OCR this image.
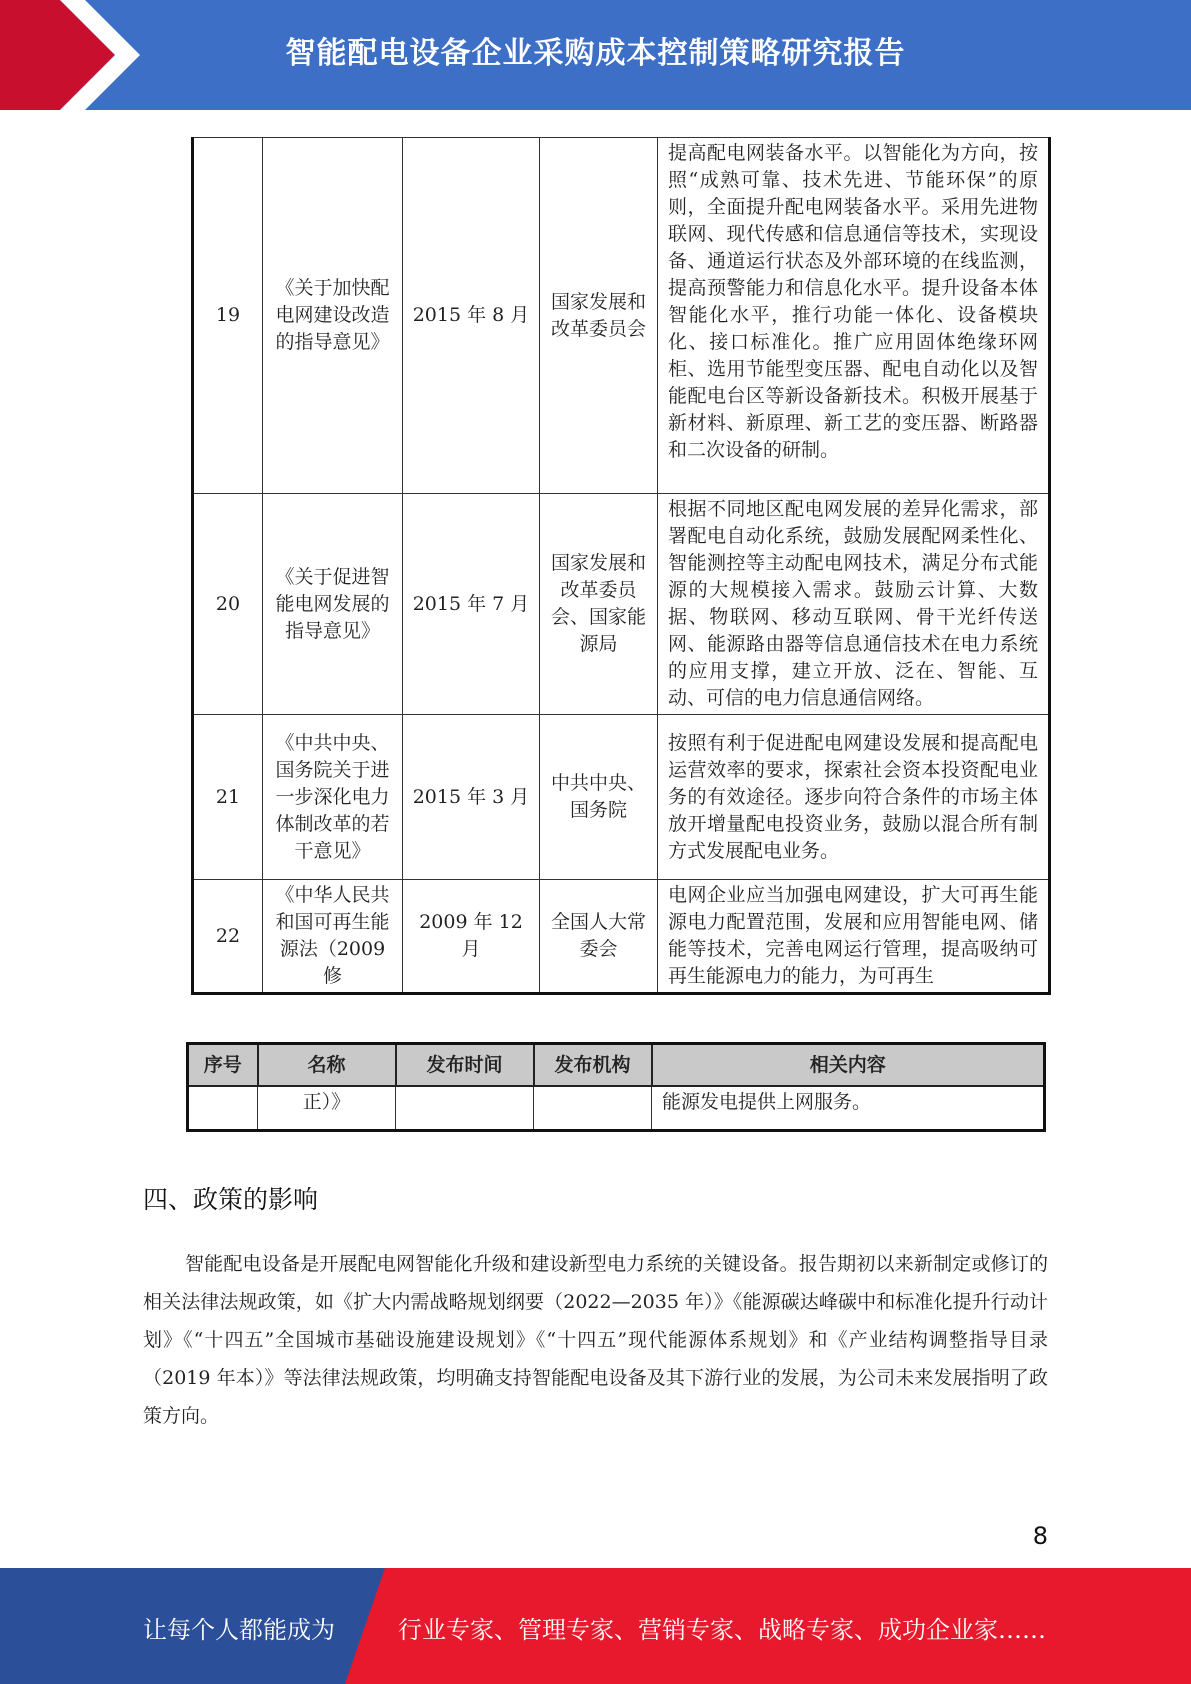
智能配电设备企业采购成本控制策略研究报告
19	《关于加快配电网建设改造的指导意见》	2015 年 8 月	国家发展和改革委员会	提高配电网装备水平。以智能化为方向，按照“成熟可靠、技术先进、节能环保”的原则，全面提升配电网装备水平。采用先进物联网、现代传感和信息通信等技术，实现设备、通道运行状态及外部环境的在线监测，提高预警能力和信息化水平。提升设备本体智能化水平，推行功能一体化、设备模块化、接口标准化。推广应用固体绝缘环网柜、选用节能型变压器、配电自动化以及智能配电台区等新设备新技术。积极开展基于新材料、新原理、新工艺的变压器、断路器和二次设备的研制。
20	《关于促进智能电网发展的指导意见》	2015 年 7 月	国家发展和改革委员会、国家能源局	根据不同地区配电网发展的差异化需求，部署配电自动化系统，鼓励发展配网柔性化、智能测控等主动配电网技术，满足分布式能源的大规模接入需求。鼓励云计算、大数据、物联网、移动互联网、骨干光纤传送网、能源路由器等信息通信技术在电力系统的应用支撑，建立开放、泛在、智能、互动、可信的电力信息通信网络。
21	《中共中央、国务院关于进一步深化电力体制改革的若干意见》	2015 年 3 月	中共中央、国务院	按照有利于促进配电网建设发展和提高配电运营效率的要求，探索社会资本投资配电业务的有效途径。逐步向符合条件的市场主体放开增量配电投资业务，鼓励以混合所有制方式发展配电业务。
22	《中华人民共和国可再生能源法（2009 修	2009 年 12 月	全国人大常委会	电网企业应当加强电网建设，扩大可再生能源电力配置范围，发展和应用智能电网、储能等技术，完善电网运行管理，提高吸纳可再生能源电力的能力，为可再生
序号	名称	发布时间	发布机构	相关内容
	正）》			能源发电提供上网服务。
四、政策的影响

智能配电设备是开展配电网智能化升级和建设新型电力系统的关键设备。报告期初以来新制定或修订的相关法律法规政策，如《扩大内需战略规划纲要（2022—2035 年）》《能源碳达峰碳中和标准化提升行动计划》《“十四五”全国城市基础设施建设规划》《“十四五”现代能源体系规划》和《产业结构调整指导目录（2019 年本）》等法律法规政策，均明确支持智能配电设备及其下游行业的发展，为公司未来发展指明了政策方向。

8
让每个人都能成为	行业专家、管理专家、营销专家、战略专家、成功企业家……
